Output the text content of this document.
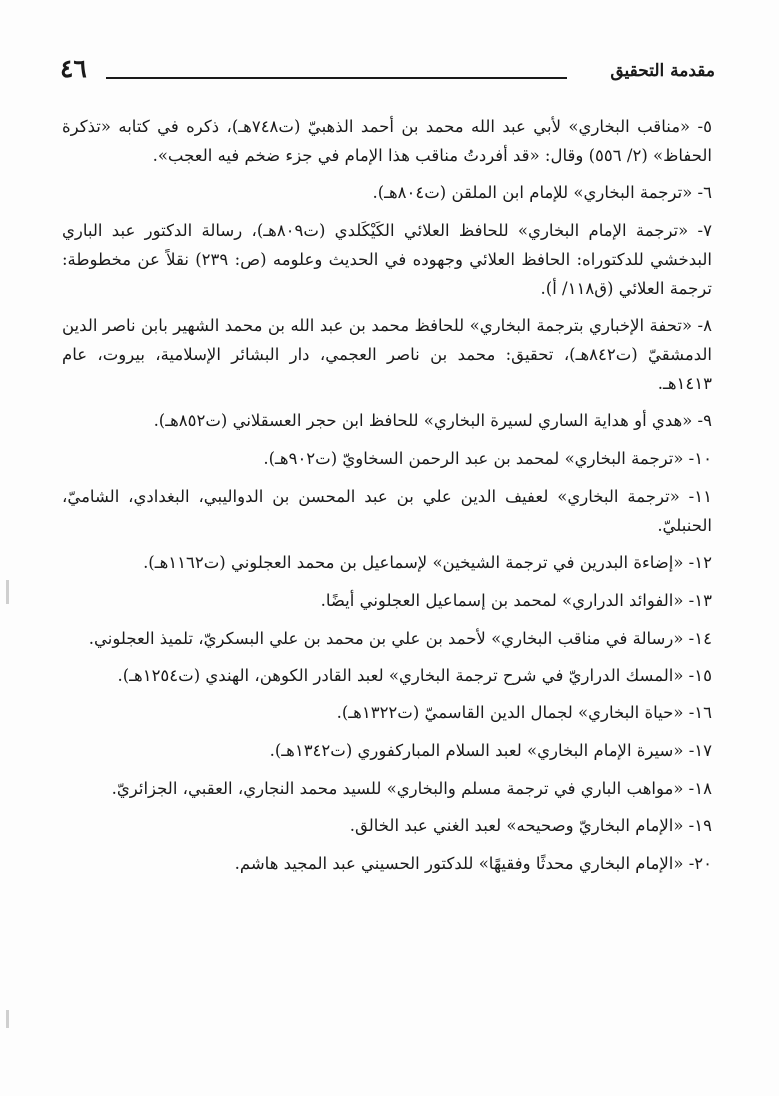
٤٦	مقدمة التحقيق

٥- «مناقب البخاري» لأبي عبد الله محمد بن أحمد الذهبيّ (ت٧٤٨هـ)، ذكره في كتابه «تذكرة الحفاظ» (٢/ ٥٥٦) وقال: «قد أفردتُ مناقب هذا الإمام في جزء ضخم فيه العجب».

٦- «ترجمة البخاري» للإمام ابن الملقن (ت٨٠٤هـ).

٧- «ترجمة الإمام البخاري» للحافظ العلائي الكَيْكَلدي (ت٨٠٩هـ)، رسالة الدكتور عبد الباري البدخشي للدكتوراه: الحافظ العلائي وجهوده في الحديث وعلومه (ص: ٢٣٩) نقلاً عن مخطوطة: ترجمة العلائي (ق١١٨/ أ).

٨- «تحفة الإخباري بترجمة البخاري» للحافظ محمد بن عبد الله بن محمد الشهير بابن ناصر الدين الدمشقيّ (ت٨٤٢هـ)، تحقيق: محمد بن ناصر العجمي، دار البشائر الإسلامية، بيروت، عام ١٤١٣هـ.

٩- «هدي أو هداية الساري لسيرة البخاري» للحافظ ابن حجر العسقلاني (ت٨٥٢هـ).

١٠- «ترجمة البخاري» لمحمد بن عبد الرحمن السخاويّ (ت٩٠٢هـ).

١١- «ترجمة البخاري» لعفيف الدين علي بن عبد المحسن بن الدواليبي، البغدادي، الشاميّ، الحنبليّ.

١٢- «إضاءة البدرين في ترجمة الشيخين» لإسماعيل بن محمد العجلوني (ت١١٦٢هـ).

١٣- «الفوائد الدراري» لمحمد بن إسماعيل العجلوني أيضًا.

١٤- «رسالة في مناقب البخاري» لأحمد بن علي بن محمد بن علي البسكريّ، تلميذ العجلوني.

١٥- «المسك الدراريّ في شرح ترجمة البخاري» لعبد القادر الكوهن، الهندي (ت١٢٥٤هـ).

١٦- «حياة البخاري» لجمال الدين القاسميّ (ت١٣٢٢هـ).

١٧- «سيرة الإمام البخاري» لعبد السلام المباركفوري (ت١٣٤٢هـ).

١٨- «مواهب الباري في ترجمة مسلم والبخاري» للسيد محمد النجاري، العقبي، الجزائريّ.

١٩- «الإمام البخاريّ وصحيحه» لعبد الغني عبد الخالق.

٢٠- «الإمام البخاري محدثًا وفقيهًا» للدكتور الحسيني عبد المجيد هاشم.
